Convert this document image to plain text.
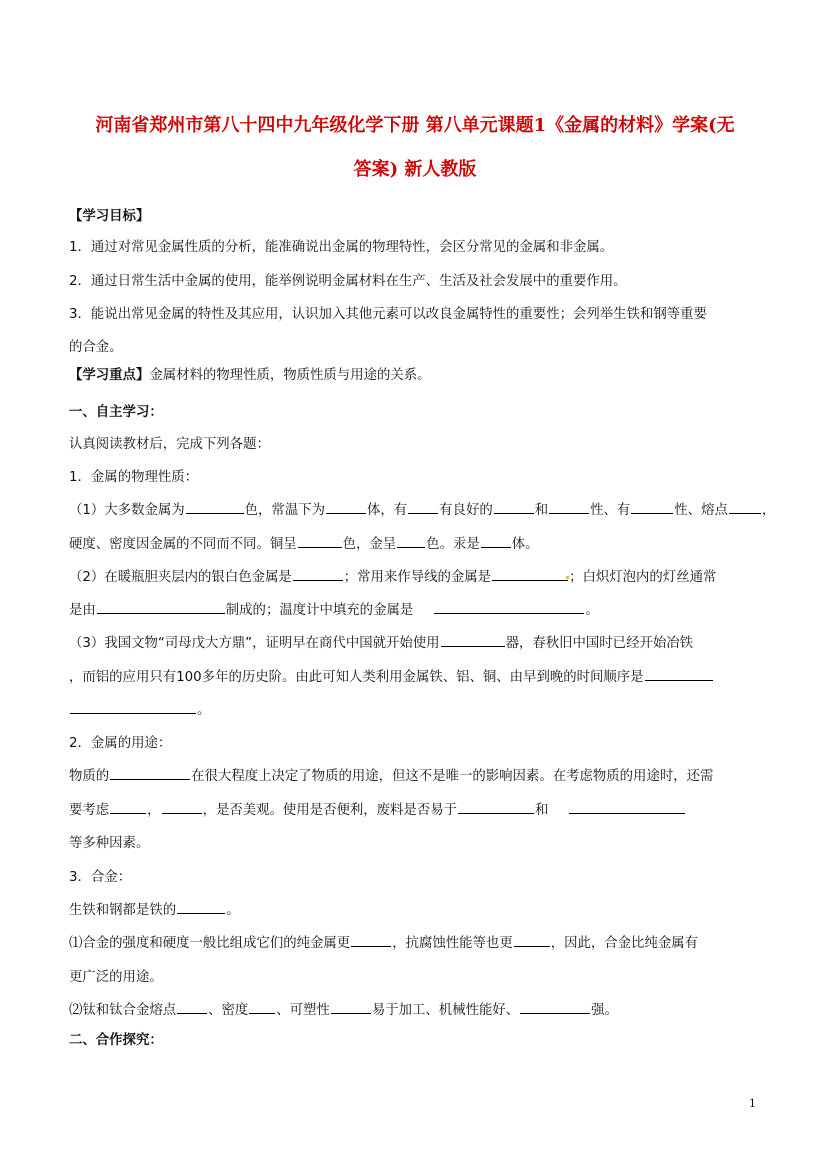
河南省郑州市第八十四中九年级化学下册 第八单元课题1《金属的材料》学案(无
答案) 新人教版
【学习目标】
1．通过对常见金属性质的分析，能准确说出金属的物理特性，会区分常见的金属和非金属。
2．通过日常生活中金属的使用，能举例说明金属材料在生产、生活及社会发展中的重要作用。
3．能说出常见金属的特性及其应用，认识加入其他元素可以改良金属特性的重要性；会列举生铁和钢等重要
的合金。
【学习重点】金属材料的物理性质，物质性质与用途的关系。
一、自主学习：
认真阅读教材后，完成下列各题：
1．金属的物理性质：
（1）大多数金属为	色，常温下为	体，有 有良好的	和	性、有	性、熔点	，
硬度、密度因金属的不同而不同。铜呈	色，金呈 色。汞是 体。
（2）在暖瓶胆夹层内的银白色金属是	；常用来作导线的金属是	；白炽灯泡内的灯丝通常
是由	制成的；温度计中填充的金属是	。
（3）我国文物“司母戊大方鼎”，证明早在商代中国就开始使用	器，春秋旧中国时已经开始冶铁
，而铝的应用只有100多年的历史阶。由此可知人类利用金属铁、铝、铜、由早到晚的时间顺序是
。
2．金属的用途：
物质的	在很大程度上决定了物质的用途，但这不是唯一的影响因素。在考虑物质的用途时，还需
要考虑	，	，是否美观。使用是否便利，废料是否易于	和
等多种因素。
3．合金：
生铁和钢都是铁的	。
⑴合金的强度和硬度一般比组成它们的纯金属更	，抗腐蚀性能等也更	，因此，合金比纯金属有
更广泛的用途。
⑵钛和钛合金熔点 、密度 、可塑性	易于加工、机械性能好、	强。
二、合作探究：
1
